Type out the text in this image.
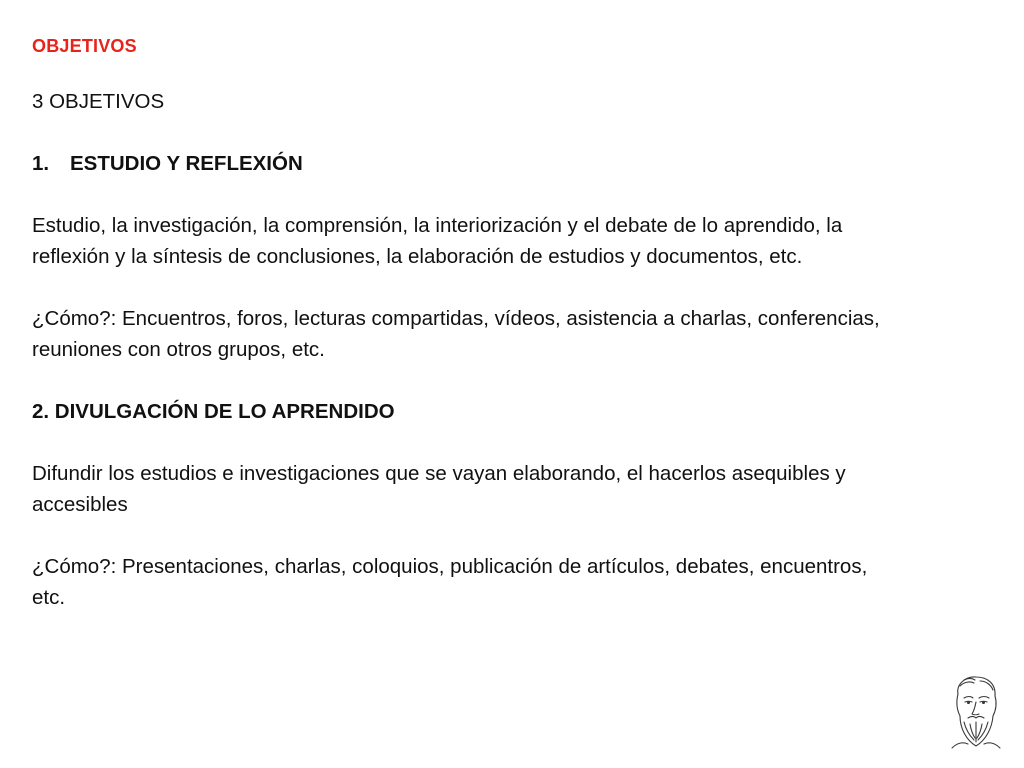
OBJETIVOS

3 OBJETIVOS

1.	ESTUDIO Y REFLEXIÓN

Estudio, la investigación, la comprensión, la interiorización y el debate de lo aprendido, la

reflexión y la síntesis de conclusiones, la elaboración de estudios y documentos, etc.

¿Cómo?: Encuentros, foros, lecturas compartidas, vídeos, asistencia a charlas, conferencias,

reuniones con otros grupos, etc.

2. DIVULGACIÓN DE LO APRENDIDO

Difundir los estudios e investigaciones que se vayan elaborando, el hacerlos asequibles y

accesibles

¿Cómo?: Presentaciones, charlas, coloquios, publicación de artículos, debates, encuentros,

etc.
